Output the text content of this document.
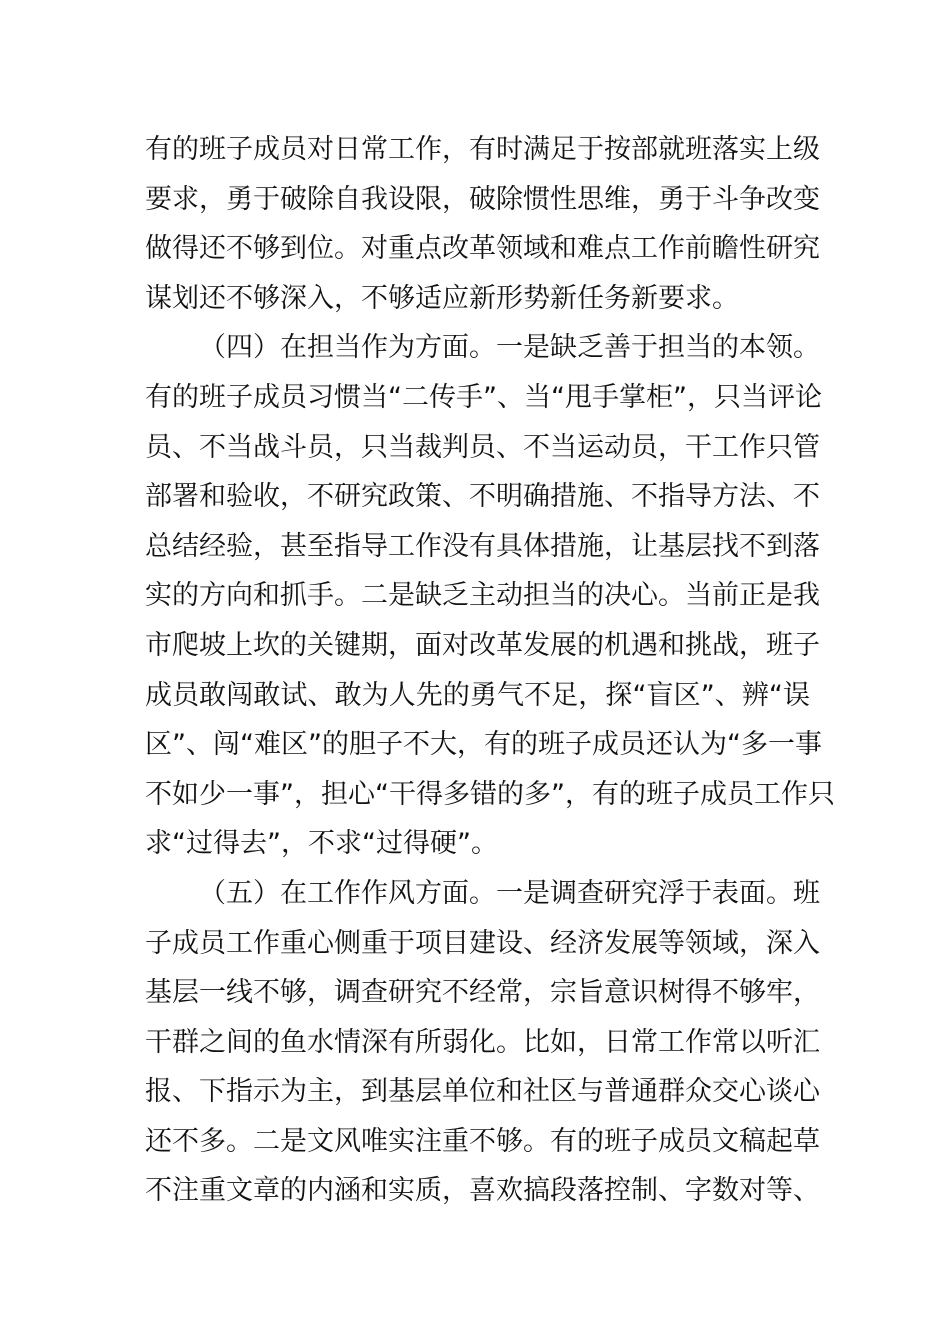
有的班子成员对日常工作，有时满足于按部就班落实上级
要求，勇于破除自我设限，破除惯性思维，勇于斗争改变
做得还不够到位。对重点改革领域和难点工作前瞻性研究
谋划还不够深入，不够适应新形势新任务新要求。
（四）在担当作为方面。一是缺乏善于担当的本领。
有的班子成员习惯当“二传手”、当“甩手掌柜”，只当评论
员、不当战斗员，只当裁判员、不当运动员，干工作只管
部署和验收，不研究政策、不明确措施、不指导方法、不
总结经验，甚至指导工作没有具体措施，让基层找不到落
实的方向和抓手。二是缺乏主动担当的决心。当前正是我
市爬坡上坎的关键期，面对改革发展的机遇和挑战，班子
成员敢闯敢试、敢为人先的勇气不足，探“盲区”、辨“误
区”、闯“难区”的胆子不大，有的班子成员还认为“多一事
不如少一事”，担心“干得多错的多”，有的班子成员工作只
求“过得去”，不求“过得硬”。
（五）在工作作风方面。一是调查研究浮于表面。班
子成员工作重心侧重于项目建设、经济发展等领域，深入
基层一线不够，调查研究不经常，宗旨意识树得不够牢，
干群之间的鱼水情深有所弱化。比如，日常工作常以听汇
报、下指示为主，到基层单位和社区与普通群众交心谈心
还不多。二是文风唯实注重不够。有的班子成员文稿起草
不注重文章的内涵和实质，喜欢搞段落控制、字数对等、
